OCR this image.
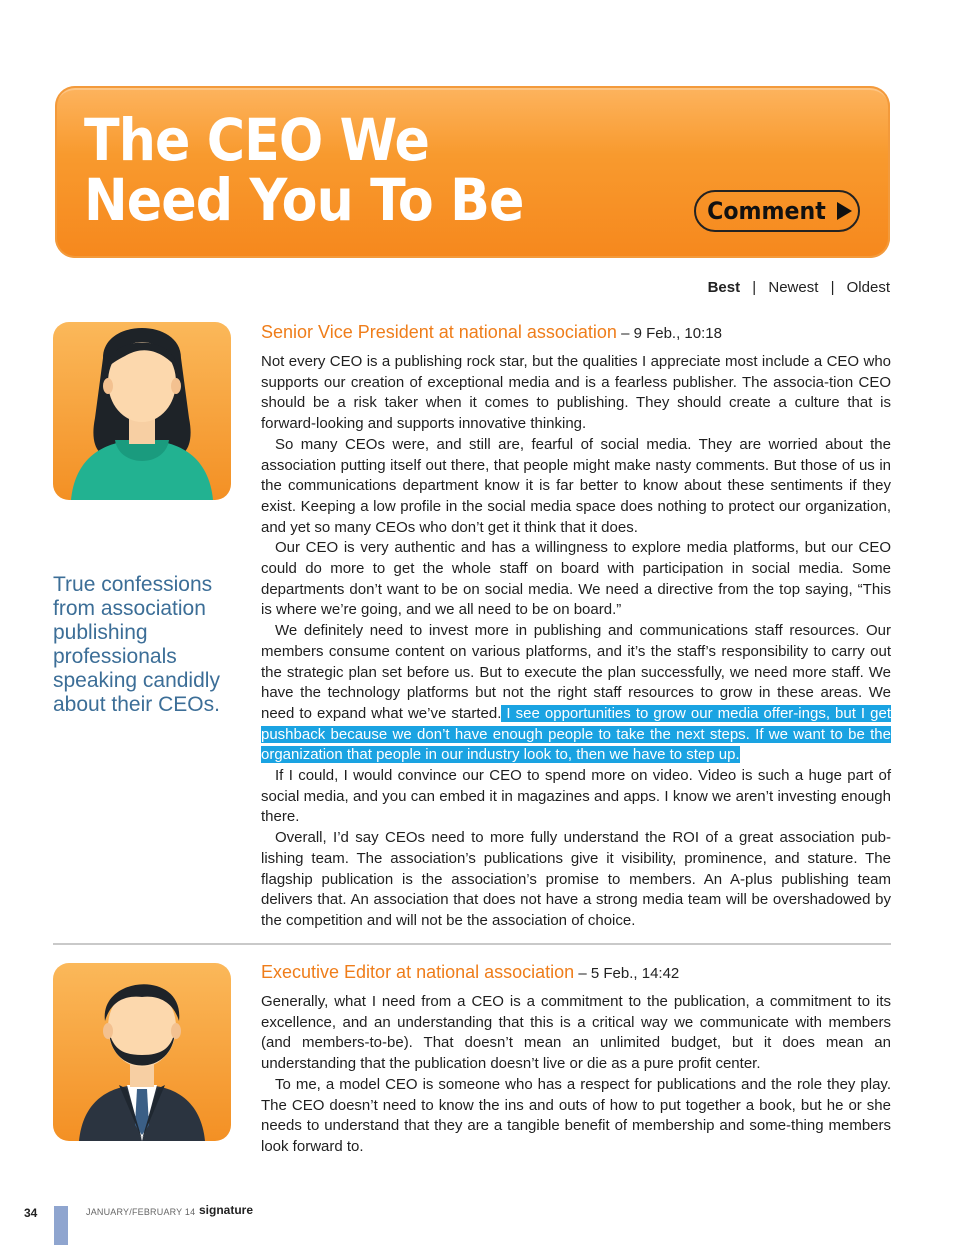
The CEO We
Need You To Be	Comment
Best | Newest | Oldest

True confessions from association publishing professionals speaking candidly about their CEOs.

Senior Vice President at national association – 9 Feb., 10:18

Not every CEO is a publishing rock star, but the qualities I appreciate most include a CEO who supports our creation of exceptional media and is a fearless publisher. The associa-tion CEO should be a risk taker when it comes to publishing. They should create a culture that is forward-looking and supports innovative thinking.

So many CEOs were, and still are, fearful of social media. They are worried about the association putting itself out there, that people might make nasty comments. But those of us in the communications department know it is far better to know about these sentiments if they exist. Keeping a low profile in the social media space does nothing to protect our organization, and yet so many CEOs who don’t get it think that it does.

Our CEO is very authentic and has a willingness to explore media platforms, but our CEO could do more to get the whole staff on board with participation in social media. Some departments don’t want to be on social media. We need a directive from the top saying, “This is where we’re going, and we all need to be on board.”

We definitely need to invest more in publishing and communications staff resources. Our members consume content on various platforms, and it’s the staff’s responsibility to carry out the strategic plan set before us. But to execute the plan successfully, we need more staff. We have the technology platforms but not the right staff resources to grow in these areas. We need to expand what we’ve started. I see opportunities to grow our media offer-ings, but I get pushback because we don’t have enough people to take the next steps. If we want to be the organization that people in our industry look to, then we have to step up.

If I could, I would convince our CEO to spend more on video. Video is such a huge part of social media, and you can embed it in magazines and apps. I know we aren’t investing enough there.

Overall, I’d say CEOs need to more fully understand the ROI of a great association pub-lishing team. The association’s publications give it visibility, prominence, and stature. The flagship publication is the association’s promise to members. An A-plus publishing team delivers that. An association that does not have a strong media team will be overshadowed by the competition and will not be the association of choice.

Executive Editor at national association – 5 Feb., 14:42

Generally, what I need from a CEO is a commitment to the publication, a commitment to its excellence, and an understanding that this is a critical way we communicate with members (and members-to-be). That doesn’t mean an unlimited budget, but it does mean an understanding that the publication doesn’t live or die as a pure profit center.

To me, a model CEO is someone who has a respect for publications and the role they play. The CEO doesn’t need to know the ins and outs of how to put together a book, but he or she needs to understand that they are a tangible benefit of membership and some-thing members look forward to.

34	JANUARY/FEBRUARY 14 signature
